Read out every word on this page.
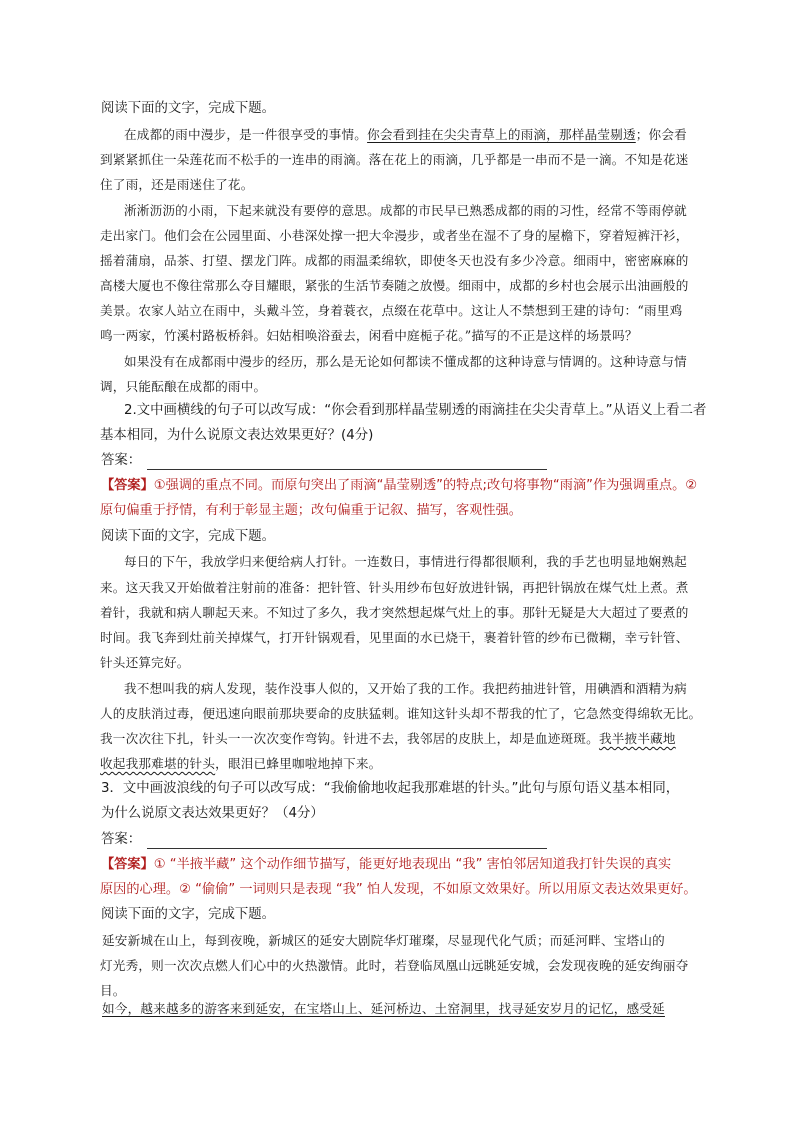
阅读下面的文字，完成下题。
在成都的雨中漫步，是一件很享受的事情。你会看到挂在尖尖青草上的雨滴，那样晶莹剔透；你会看
到紧紧抓住一朵莲花而不松手的一连串的雨滴。落在花上的雨滴，几乎都是一串而不是一滴。不知是花迷
住了雨，还是雨迷住了花。
淅淅沥沥的小雨，下起来就没有要停的意思。成都的市民早已熟悉成都的雨的习性，经常不等雨停就
走出家门。他们会在公园里面、小巷深处撑一把大伞漫步，或者坐在湿不了身的屋檐下，穿着短裤汗衫，
摇着蒲扇，品茶、打望、摆龙门阵。成都的雨温柔绵软，即使冬天也没有多少冷意。细雨中，密密麻麻的
高楼大厦也不像往常那么夺目耀眼，紧张的生活节奏随之放慢。细雨中，成都的乡村也会展示出油画般的
美景。农家人站立在雨中，头戴斗笠，身着蓑衣，点缀在花草中。这让人不禁想到王建的诗句：“雨里鸡
鸣一两家，竹溪村路板桥斜。妇姑相唤浴蚕去，闲看中庭栀子花。”描写的不正是这样的场景吗？
如果没有在成都雨中漫步的经历，那么是无论如何都读不懂成都的这种诗意与情调的。这种诗意与情
调，只能酝酿在成都的雨中。
2.文中画横线的句子可以改写成：“你会看到那样晶莹剔透的雨滴挂在尖尖青草上。”从语义上看二者
基本相同，为什么说原文表达效果更好？(4分)
答案：
【答案】①强调的重点不同。而原句突出了雨滴“晶莹剔透”的特点;改句将事物“雨滴”作为强调重点。②
原句偏重于抒情，有利于彰显主题；改句偏重于记叙、描写，客观性强。
阅读下面的文字，完成下题。
每日的下午，我放学归来便给病人打针。一连数日，事情进行得都很顺利，我的手艺也明显地娴熟起
来。这天我又开始做着注射前的准备：把针管、针头用纱布包好放进针锅，再把针锅放在煤气灶上煮。煮
着针，我就和病人聊起天来。不知过了多久，我才突然想起煤气灶上的事。那针无疑是大大超过了要煮的
时间。我飞奔到灶前关掉煤气，打开针锅观看，见里面的水已烧干，裹着针管的纱布已微糊，幸亏针管、
针头还算完好。
我不想叫我的病人发现，装作没事人似的，又开始了我的工作。我把药抽进针管，用碘酒和酒精为病
人的皮肤消过毒，便迅速向眼前那块要命的皮肤猛刺。谁知这针头却不帮我的忙了，它急然变得绵软无比。
我一次次往下扎，针头一一次次变作弯钩。针进不去，我邻居的皮肤上，却是血迹斑斑。我半掖半藏地
收起我那难堪的针头，眼泪已蜂里咖啦地掉下来。
3．文中画波浪线的句子可以改写成：“我偷偷地收起我那难堪的针头。”此句与原句语义基本相同，
为什么说原文表达效果更好？（4分）
答案：
【答案】① “半掖半藏” 这个动作细节描写，能更好地表现出 “我” 害怕邻居知道我打针失误的真实
原因的心理。② “偷偷” 一词则只是表现 “我” 怕人发现，不如原文效果好。所以用原文表达效果更好。
阅读下面的文字，完成下题。
延安新城在山上，每到夜晚，新城区的延安大剧院华灯璀璨，尽显现代化气质；而延河畔、宝塔山的
灯光秀，则一次次点燃人们心中的火热激情。此时，若登临凤凰山远眺延安城，会发现夜晚的延安绚丽夺
目。
如今，越来越多的游客来到延安，在宝塔山上、延河桥边、土窑洞里，找寻延安岁月的记忆，感受延
